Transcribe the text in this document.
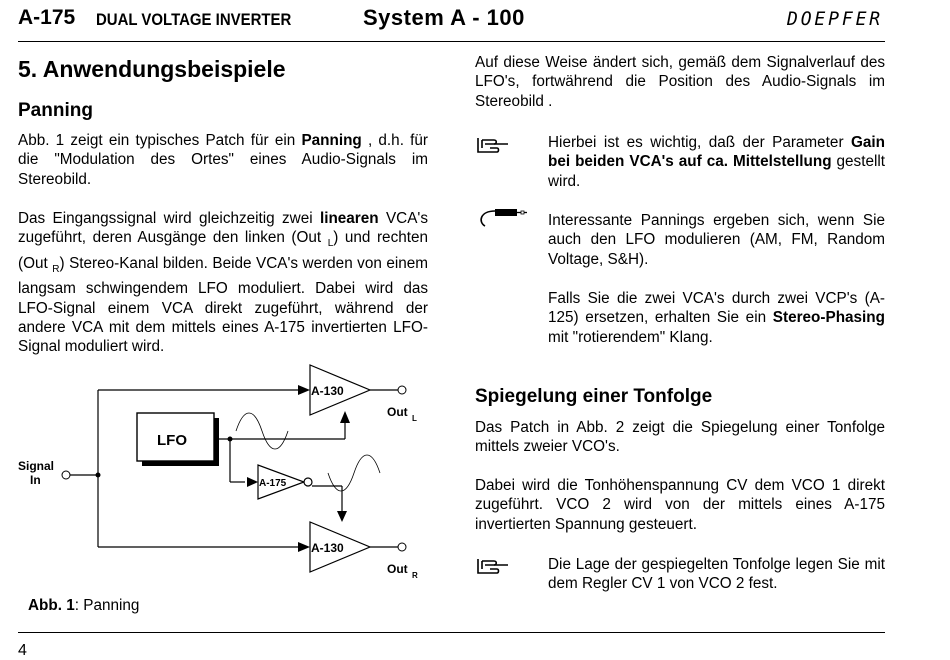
A-175 DUAL VOLTAGE INVERTER	System A - 100	DOEPFER
5. Anwendungsbeispiele
Panning
Abb. 1 zeigt ein typisches Patch für ein Panning , d.h. für die "Modulation des Ortes" eines Audio-Signals im Stereobild.
Das Eingangssignal wird gleichzeitig zwei linearen VCA's zugeführt, deren Ausgänge den linken (Out $_L$) und rechten (Out $_R$) Stereo-Kanal bilden. Beide VCA's werden von einem langsam schwingendem LFO moduliert. Dabei wird das LFO-Signal einem VCA direkt zugeführt, während der andere VCA mit dem mittels eines A-175 invertierten LFO-Signal moduliert wird.
Signal
In
LFO
A-130
A-130
A-175
Out L
Out R
Abb. 1: Panning
Auf diese Weise ändert sich, gemäß dem Signalverlauf des LFO's, fortwährend die Position des Audio-Signals im Stereobild .
Hierbei ist es wichtig, daß der Parameter Gain bei beiden VCA's auf ca. Mittelstellung gestellt wird.
Interessante Pannings ergeben sich, wenn Sie auch den LFO modulieren (AM, FM, Random Voltage, S&H).
Falls Sie die zwei VCA's durch zwei VCP's (A-125) ersetzen, erhalten Sie ein Stereo-Phasing mit "rotierendem" Klang.
Spiegelung einer Tonfolge
Das Patch in Abb. 2 zeigt die Spiegelung einer Tonfolge mittels zweier VCO's.
Dabei wird die Tonhöhenspannung CV dem VCO 1 direkt zugeführt. VCO 2 wird von der mittels eines A-175 invertierten Spannung gesteuert.
Die Lage der gespiegelten Tonfolge legen Sie mit dem Regler CV 1 von VCO 2 fest.
4
